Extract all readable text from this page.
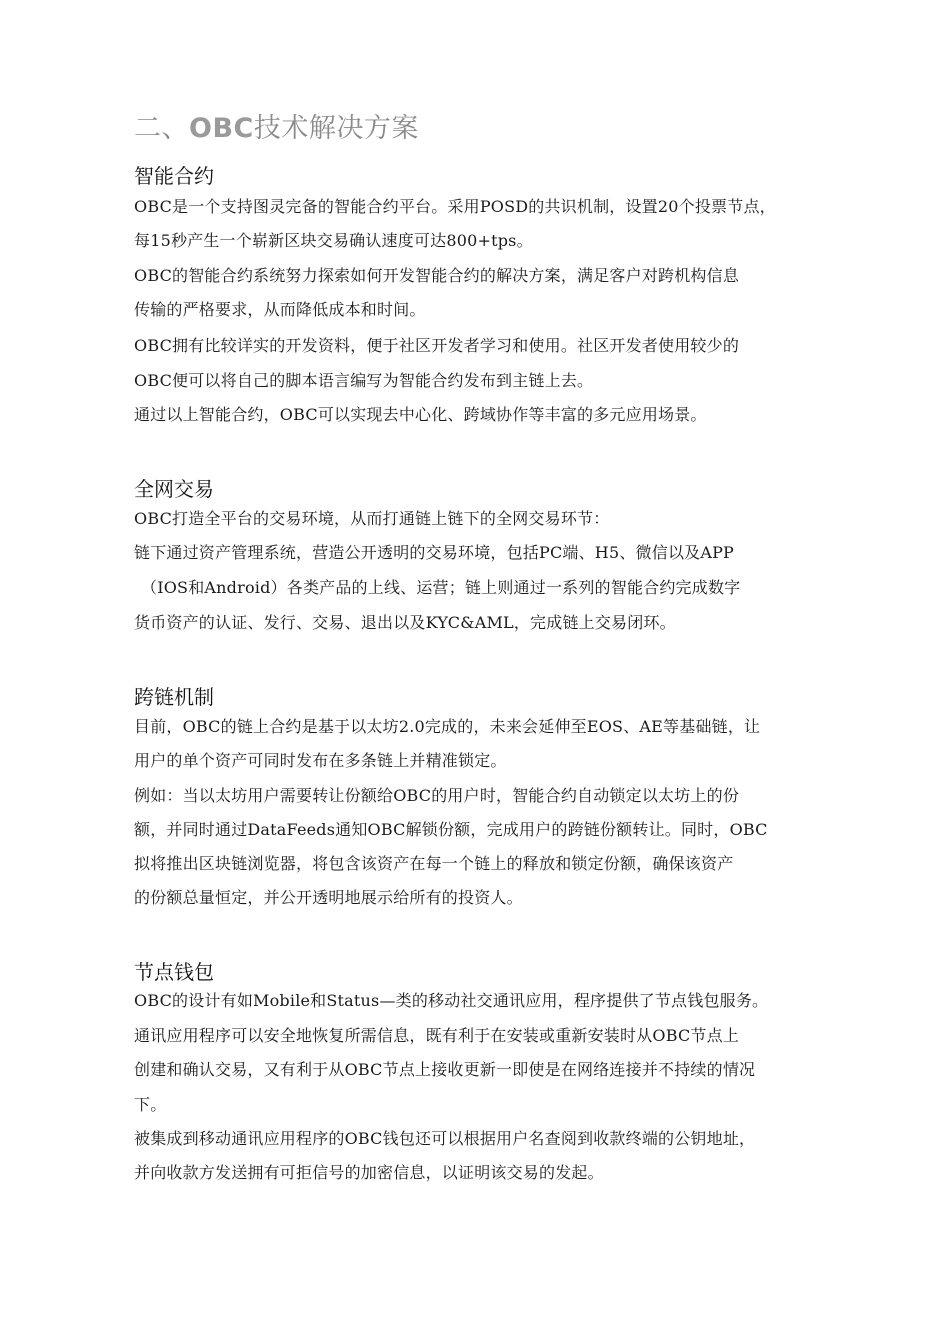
二、OBC技术解决方案
智能合约

OBC是一个支持图灵完备的智能合约平台。采用POSD的共识机制，设置20个投票节点，

每15秒产生一个崭新区块交易确认速度可达800+tps。

OBC的智能合约系统努力探索如何开发智能合约的解决方案，满足客户对跨机构信息

传输的严格要求，从而降低成本和时间。

OBC拥有比较详实的开发资料，便于社区开发者学习和使用。社区开发者使用较少的

OBC便可以将自己的脚本语言编写为智能合约发布到主链上去。

通过以上智能合约，OBC可以实现去中心化、跨域协作等丰富的多元应用场景。

全网交易

OBC打造全平台的交易环境，从而打通链上链下的全网交易环节：

链下通过资产管理系统，营造公开透明的交易环境，包括PC端、H5、微信以及APP

（IOS和Android）各类产品的上线、运营；链上则通过一系列的智能合约完成数字

货币资产的认证、发行、交易、退出以及KYC&AML，完成链上交易闭环。

跨链机制

目前，OBC的链上合约是基于以太坊2.0完成的，未来会延伸至EOS、AE等基础链，让

用户的单个资产可同时发布在多条链上并精准锁定。

例如：当以太坊用户需要转让份额给OBC的用户时，智能合约自动锁定以太坊上的份

额，并同时通过DataFeeds通知OBC解锁份额，完成用户的跨链份额转让。同时，OBC

拟将推出区块链浏览器，将包含该资产在每一个链上的释放和锁定份额，确保该资产

的份额总量恒定，并公开透明地展示给所有的投资人。

节点钱包

OBC的设计有如Mobile和Status—类的移动社交通讯应用，程序提供了节点钱包服务。

通讯应用程序可以安全地恢复所需信息，既有利于在安装或重新安装时从OBC节点上

创建和确认交易，又有利于从OBC节点上接收更新一即使是在网络连接并不持续的情况

下。

被集成到移动通讯应用程序的OBC钱包还可以根据用户名查阅到收款终端的公钥地址，

并向收款方发送拥有可拒信号的加密信息，以证明该交易的发起。
